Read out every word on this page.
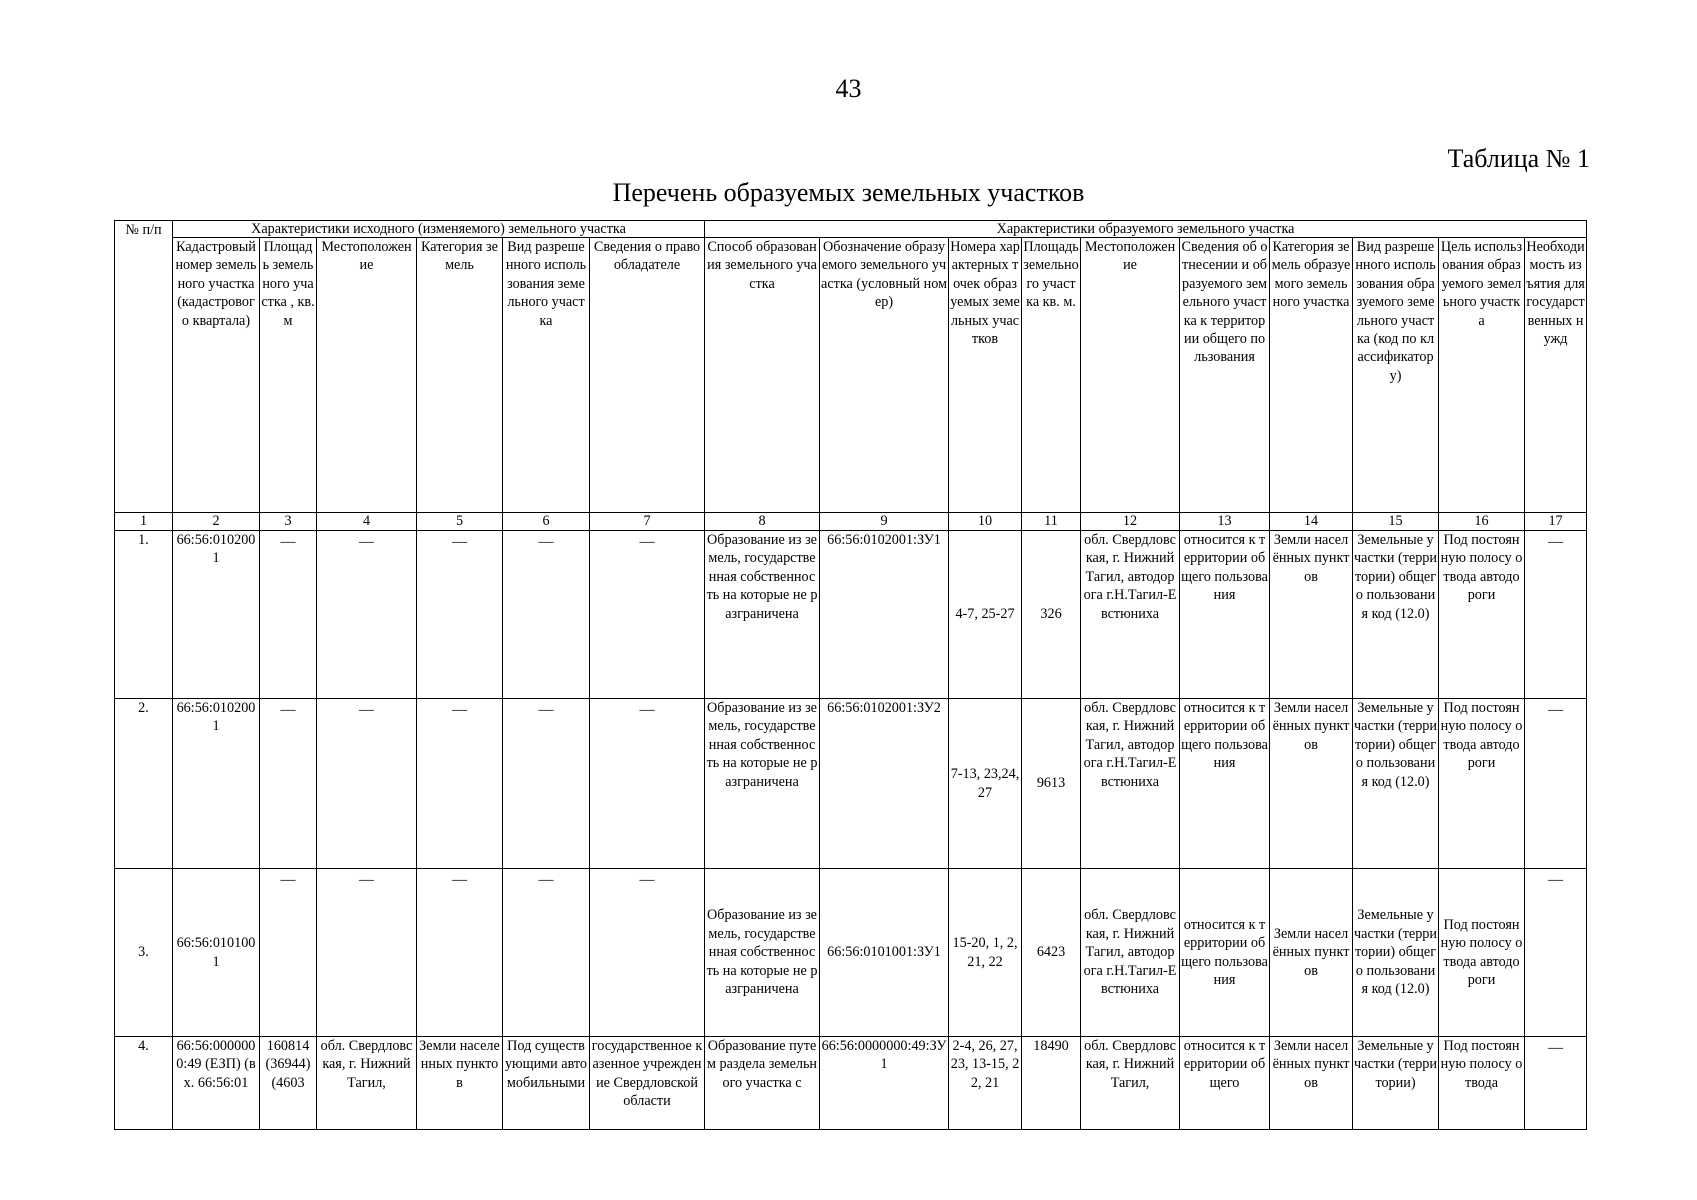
43
Таблица № 1
Перечень образуемых земельных участков
№ п/п	Характеристики исходного (изменяемого) земельного участка						Характеристики образуемого земельного участка									
	Кадастровый номер земельного участка (кадастрового квартала)	Площадь земельного участка , кв. м	Местоположение	Категория земель	Вид разрешенного использования земельного участка	Сведения о правообладателе	Способ образования земельного участка	Обозначение образуемого земельного участка (условный номер)	Номера характерных точек образуемых земельных участков	Площадь земельного участка кв. м.	Местоположение	Сведения об отнесении и образуемого земельного участка к территории общего пользования	Категория земель образуемого земельного участка	Вид разрешенного использования образуемого земельного участка (код по классификатору)	Цель использования образуемого земельного участка	Необходимость изъятия для государственных нужд
1	2	3	4	5	6	7	8	9	10	11	12	13	14	15	16	17
1.	66:56:0102001	—	—	—	—	—	Образование из земель, государственная собственность на которые не разграничена	66:56:0102001:ЗУ1	4-7, 25-27	326	обл. Свердловская, г. Нижний Тагил, автодорога г.Н.Тагил-Евстюниха	относится к территории общего пользования	Земли населённых пунктов	Земельные участки (территории) общего пользования код (12.0)	Под постоянную полосу отвода автодороги	—
2.	66:56:0102001	—	—	—	—	—	Образование из земель, государственная собственность на которые не разграничена	66:56:0102001:ЗУ2	7-13, 23,24, 27	9613	обл. Свердловская, г. Нижний Тагил, автодорога г.Н.Тагил-Евстюниха	относится к территории общего пользования	Земли населённых пунктов	Земельные участки (территории) общего пользования код (12.0)	Под постоянную полосу отвода автодороги	—
3.	66:56:0101001	—	—	—	—	—	Образование из земель, государственная собственность на которые не разграничена	66:56:0101001:ЗУ1	15-20, 1, 2, 21, 22	6423	обл. Свердловская, г. Нижний Тагил, автодорога г.Н.Тагил-Евстюниха	относится к территории общего пользования	Земли населённых пунктов	Земельные участки (территории) общего пользования код (12.0)	Под постоянную полосу отвода автодороги	—
4.	66:56:0000000:49 (ЕЗП) (вх. 66:56:01	160814 (36944) (4603	обл. Свердловская, г. Нижний Тагил,	Земли населенных пунктов	Под существующими автомобильными	государственное казенное учреждение Свердловской области	Образование путем раздела земельного участка с	66:56:0000000:49:ЗУ1	2-4, 26, 27, 23, 13-15, 22, 21	18490	обл. Свердловская, г. Нижний Тагил,	относится к территории общего	Земли населённых пунктов	Земельные участки (территории)	Под постоянную полосу отвода	—
